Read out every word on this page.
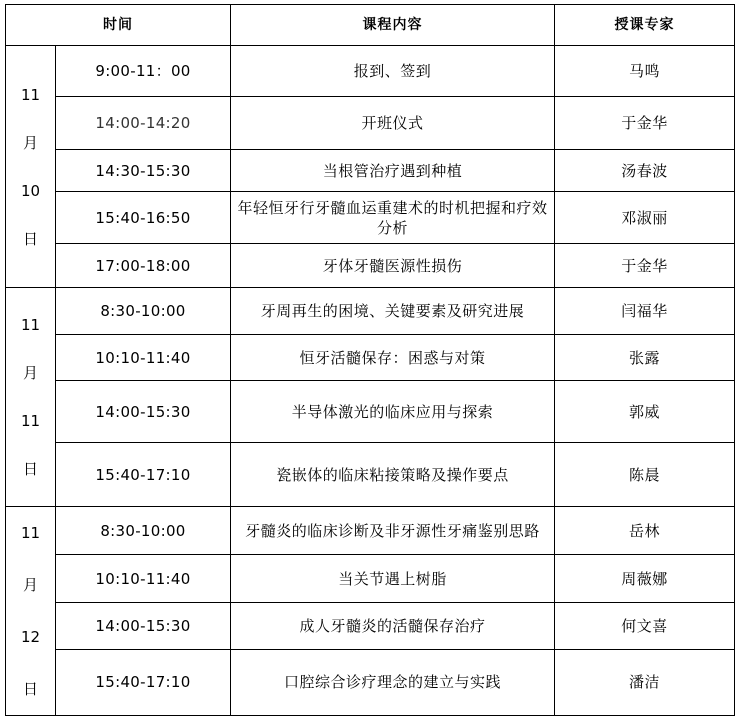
时间		课程内容	授课专家

11
月
10
日	9:00-11：00	报到、签到	马鸣
	14:00-14:20	开班仪式	于金华
	14:30-15:30	当根管治疗遇到种植	汤春波
	15:40-16:50	年轻恒牙行牙髓血运重建术的时机把握和疗效分析	邓淑丽
	17:00-18:00	牙体牙髓医源性损伤	于金华

11
月
11
日	8:30-10:00	牙周再生的困境、关键要素及研究进展	闫福华
	10:10-11:40	恒牙活髓保存：困惑与对策	张露
	14:00-15:30	半导体激光的临床应用与探索	郭威
	15:40-17:10	瓷嵌体的临床粘接策略及操作要点	陈晨

11
月
12
日	8:30-10:00	牙髓炎的临床诊断及非牙源性牙痛鉴别思路	岳林
	10:10-11:40	当关节遇上树脂	周薇娜
	14:00-15:30	成人牙髓炎的活髓保存治疗	何文喜
	15:40-17:10	口腔综合诊疗理念的建立与实践	潘洁
